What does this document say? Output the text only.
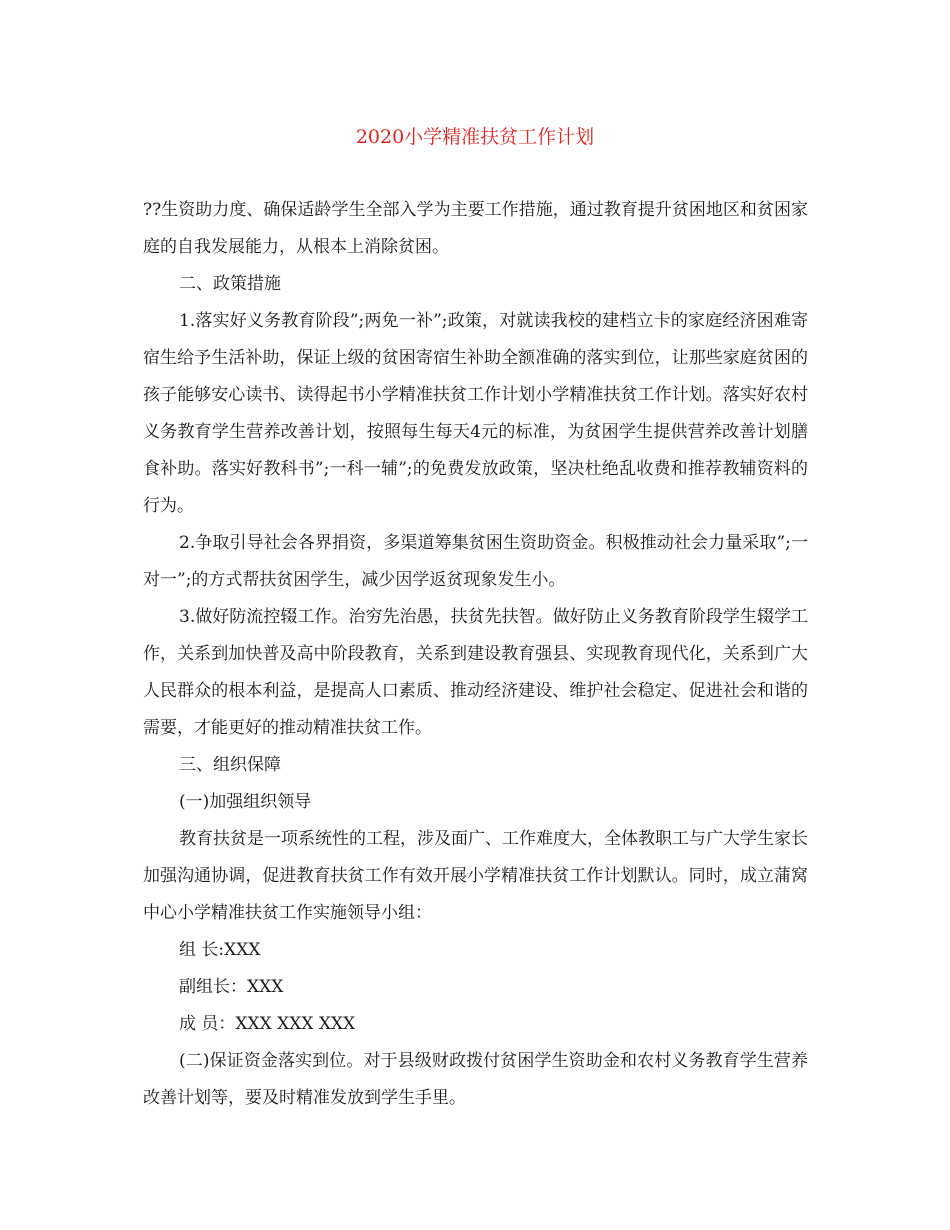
2020小学精准扶贫工作计划

??生资助力度、确保适龄学生全部入学为主要工作措施，通过教育提升贫困地区和贫困家庭的自我发展能力，从根本上消除贫困。

二、政策措施

1.落实好义务教育阶段”;两免一补”;政策，对就读我校的建档立卡的家庭经济困难寄宿生给予生活补助，保证上级的贫困寄宿生补助全额准确的落实到位，让那些家庭贫困的孩子能够安心读书、读得起书小学精准扶贫工作计划小学精准扶贫工作计划。落实好农村义务教育学生营养改善计划，按照每生每天4元的标准，为贫困学生提供营养改善计划膳食补助。落实好教科书”;一科一辅”;的免费发放政策，坚决杜绝乱收费和推荐教辅资料的行为。

2.争取引导社会各界捐资，多渠道筹集贫困生资助资金。积极推动社会力量采取”;一对一”;的方式帮扶贫困学生，减少因学返贫现象发生小。

3.做好防流控辍工作。治穷先治愚，扶贫先扶智。做好防止义务教育阶段学生辍学工作，关系到加快普及高中阶段教育，关系到建设教育强县、实现教育现代化，关系到广大人民群众的根本利益，是提高人口素质、推动经济建设、维护社会稳定、促进社会和谐的需要，才能更好的推动精准扶贫工作。

三、组织保障

(一)加强组织领导

教育扶贫是一项系统性的工程，涉及面广、工作难度大，全体教职工与广大学生家长加强沟通协调，促进教育扶贫工作有效开展小学精准扶贫工作计划默认。同时，成立蒲窝中心小学精准扶贫工作实施领导小组：

组 长:XXX

副组长：XXX

成 员：XXX XXX XXX

(二)保证资金落实到位。对于县级财政拨付贫困学生资助金和农村义务教育学生营养改善计划等，要及时精准发放到学生手里。
